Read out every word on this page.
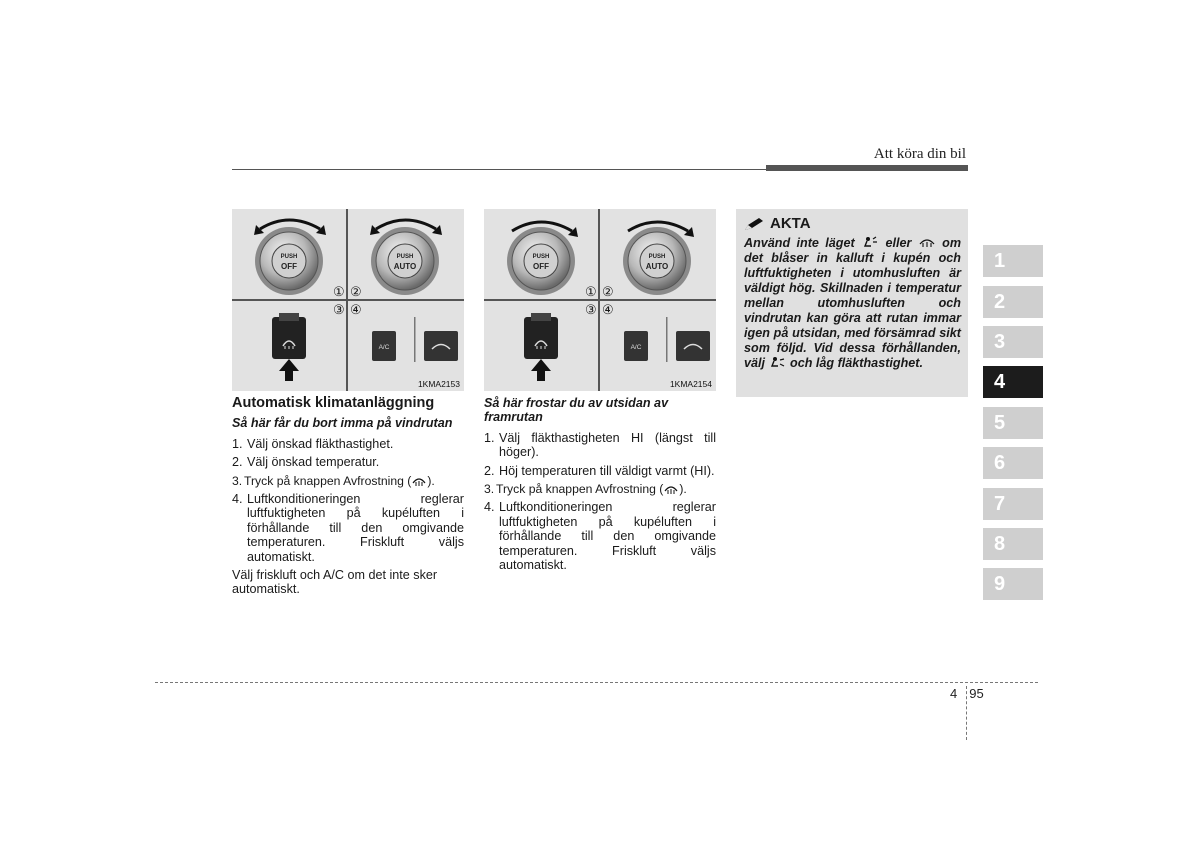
Att köra din bil
1
2
3
4
5
6
7
8
9
PUSH
OFF
PUSH
AUTO
A/C
① ②
③ ④
1KMA2153
PUSH
OFF
PUSH
AUTO
A/C
① ②
③ ④
1KMA2154
Automatisk klimatanläggning
Så här får du bort imma på vindrutan
1. Välj önskad fläkthastighet.
2. Välj önskad temperatur.
3. Tryck på knappen Avfrostning ( ).
4. Luftkonditioneringen reglerar luftfuktigheten på kupéluften i förhållande till den omgivande temperaturen. Friskluft väljs automatiskt.
Välj friskluft och A/C om det inte sker automatiskt.
Så här frostar du av utsidan av framrutan
1. Välj fläkthastigheten HI (längst till höger).
2. Höj temperaturen till väldigt varmt (HI).
3. Tryck på knappen Avfrostning ( ).
4. Luftkonditioneringen reglerar luftfuktigheten på kupéluften i förhållande till den omgivande temperaturen. Friskluft väljs automatiskt.
AKTA
Använd inte läget eller om det blåser in kalluft i kupén och luftfuktigheten i utomhusluften är väldigt hög. Skillnaden i temperatur mellan utomhusluften och vindrutan kan göra att rutan immar igen på utsidan, med försämrad sikt som följd. Vid dessa förhållanden, välj och låg fläkthastighet.
4 95
